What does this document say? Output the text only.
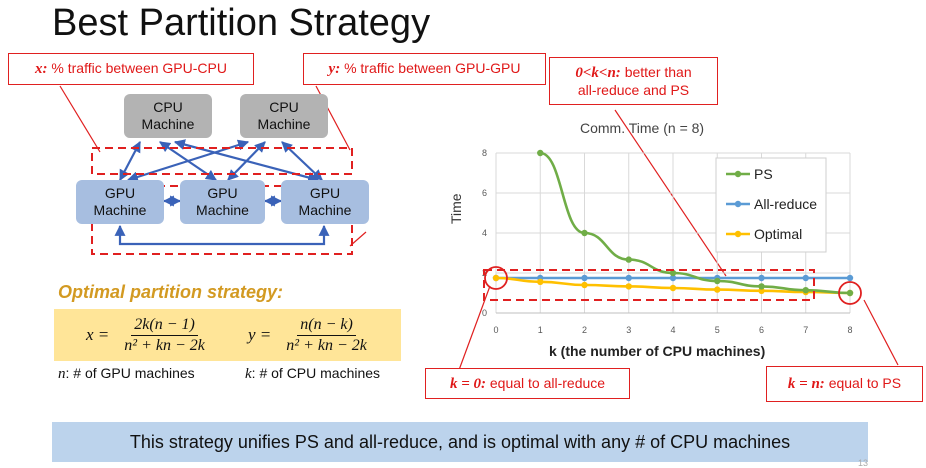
Best Partition Strategy
CPU
Machine
CPU
Machine
GPU
Machine
GPU
Machine
GPU
Machine
x: % traffic between GPU-CPU	y: % traffic between GPU-GPU	0<k<n: better than
all-reduce and PS
k = 0: equal to all-reduce	k = n: equal to PS
Optimal partition strategy:
$x = \frac{2k(n - 1)}{\text{n² + kn − 2k}}$ $y = \frac{n(n - k)}{\text{n² + kn − 2k}}$
n: # of GPU machines	k: # of CPU machines
Comm. Time (n = 8)
Time
k (the number of CPU machines)
0
2
4
6
8
0	1	2	3	4	5	6	7	8
PS
All-reduce
Optimal
This strategy unifies PS and all-reduce, and is optimal with any # of CPU machines
13
